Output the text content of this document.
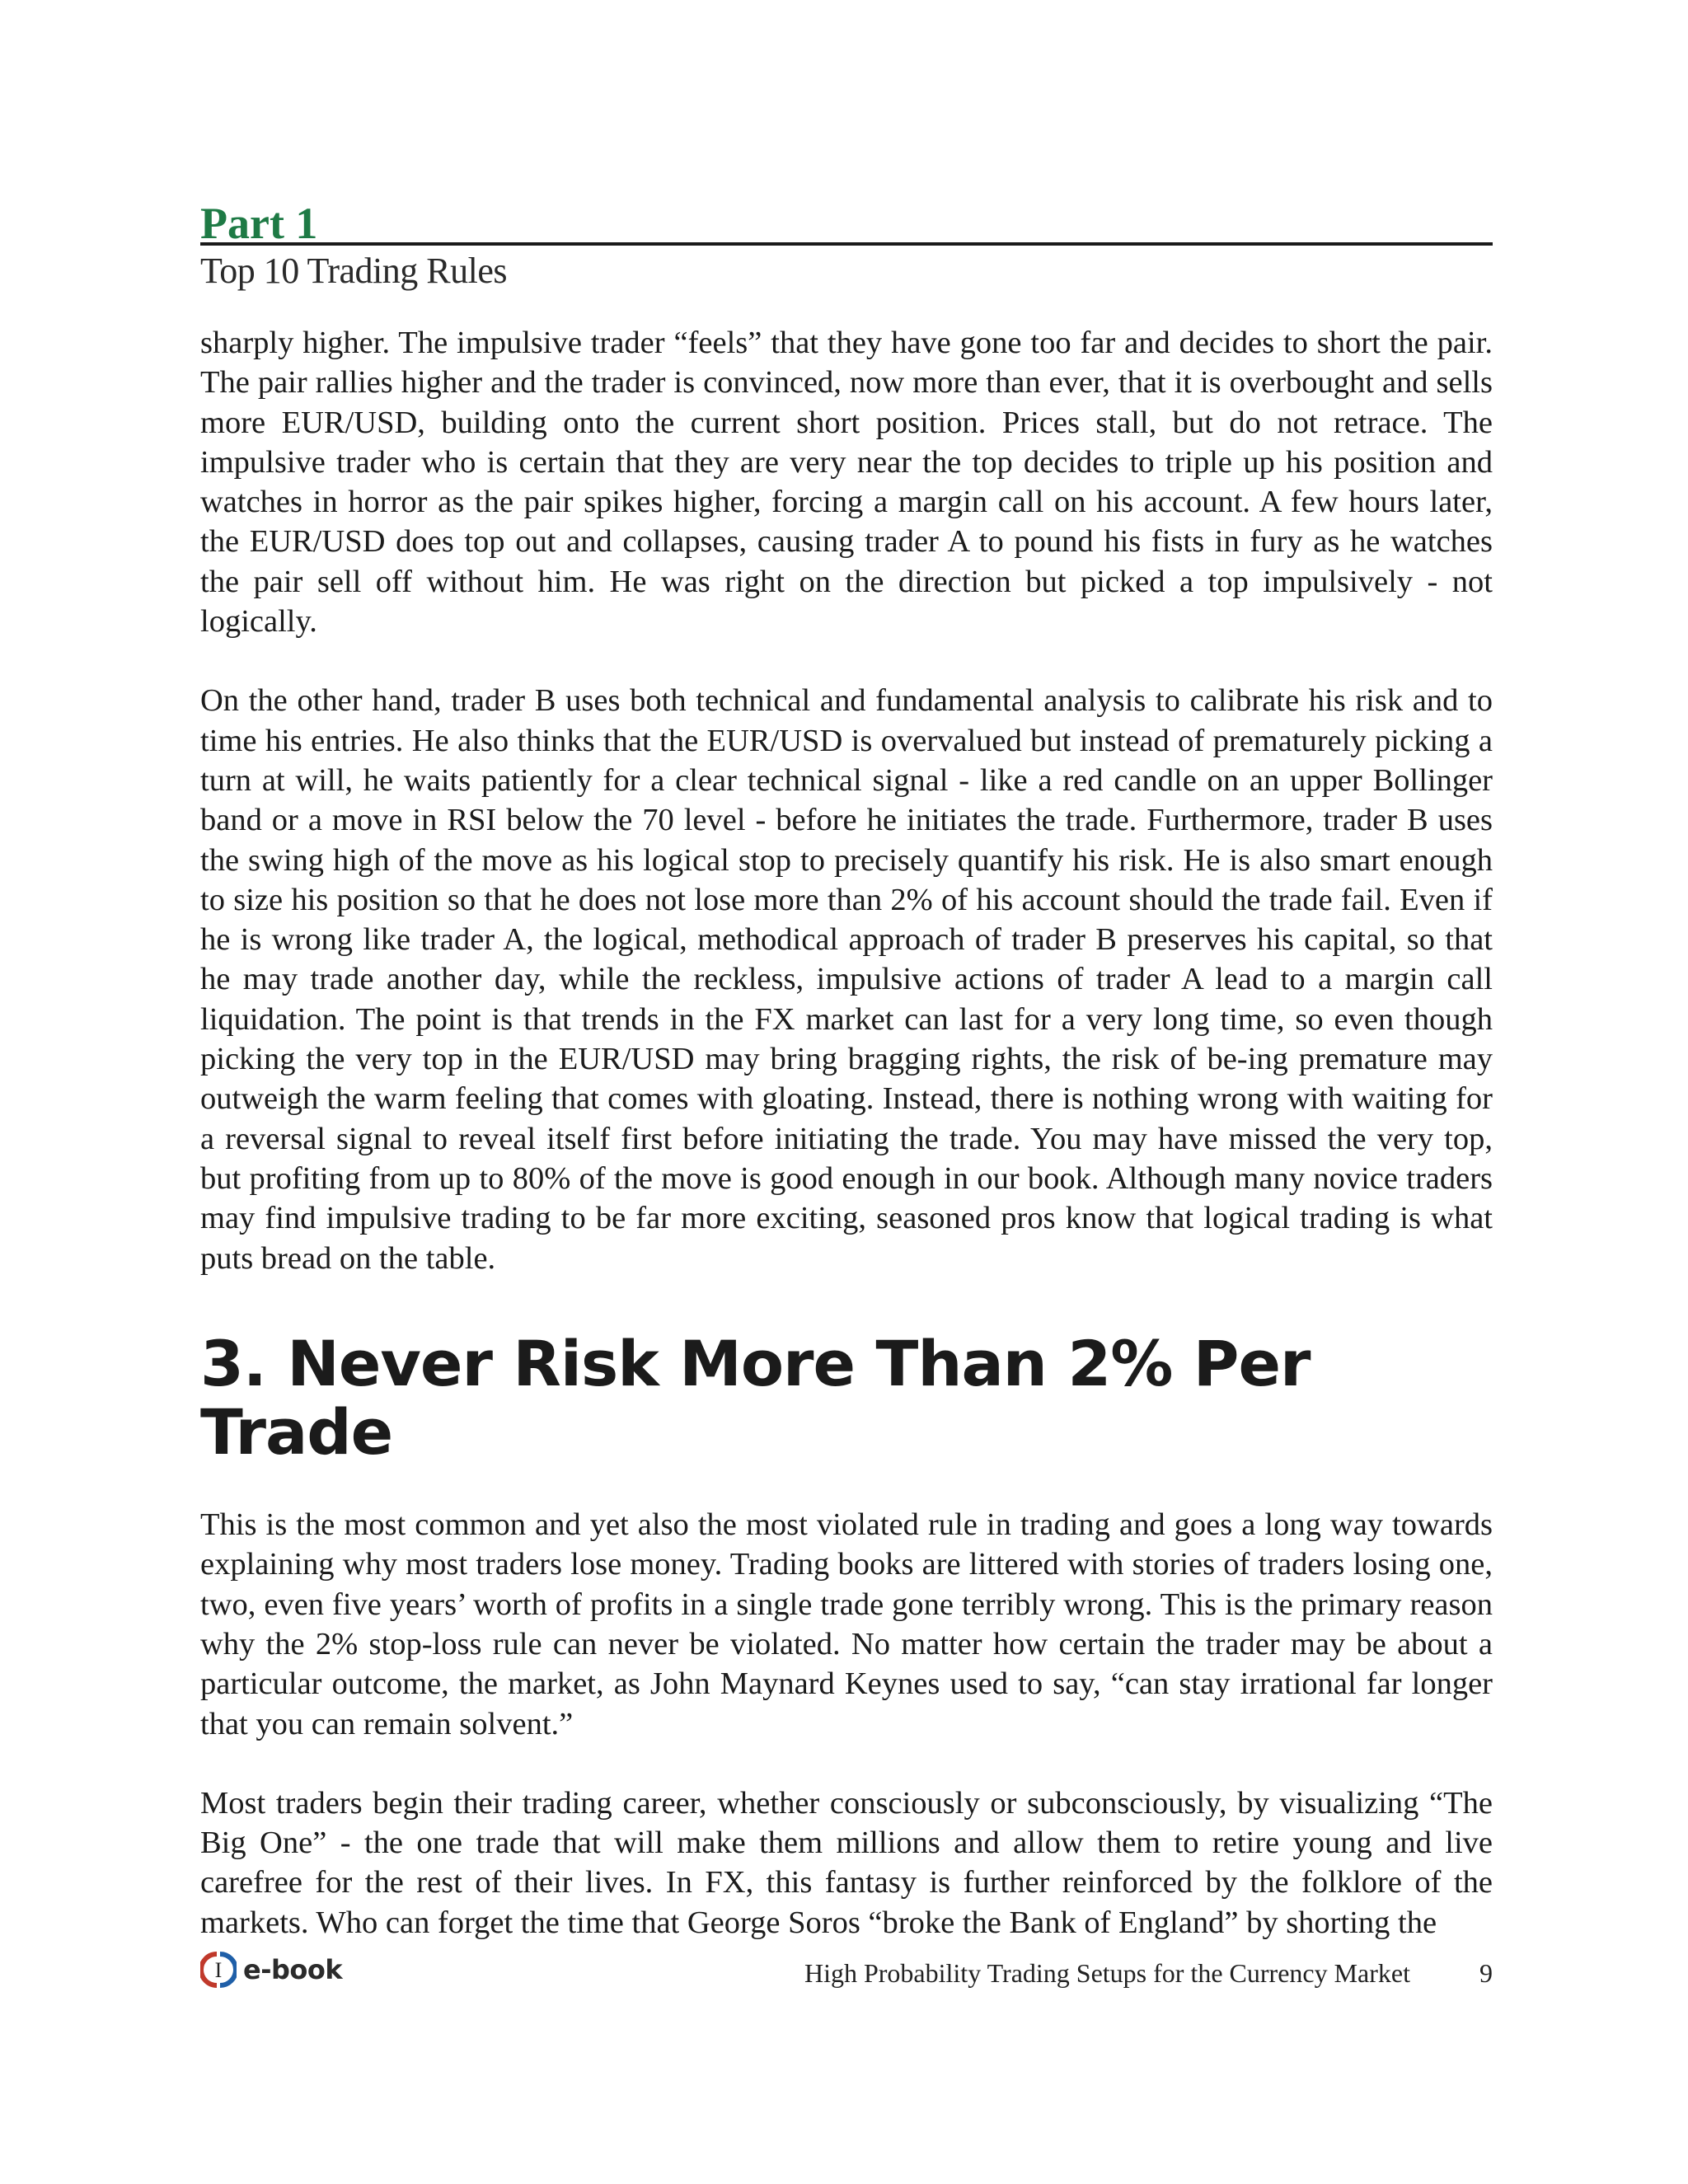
Part 1
Top 10 Trading Rules

sharply higher. The impulsive trader “feels” that they have gone too far and decides to short the pair. The pair rallies higher and the trader is convinced, now more than ever, that it is overbought and sells more EUR/USD, building onto the current short position. Prices stall, but do not retrace. The impulsive trader who is certain that they are very near the top decides to triple up his position and watches in horror as the pair spikes higher, forcing a margin call on his account. A few hours later, the EUR/USD does top out and collapses, causing trader A to pound his fists in fury as he watches the pair sell off without him. He was right on the direction but picked a top impulsively - not logically.

On the other hand, trader B uses both technical and fundamental analysis to calibrate his risk and to time his entries. He also thinks that the EUR/USD is overvalued but instead of prematurely picking a turn at will, he waits patiently for a clear technical signal - like a red candle on an upper Bollinger band or a move in RSI below the 70 level - before he initiates the trade. Furthermore, trader B uses the swing high of the move as his logical stop to precisely quantify his risk. He is also smart enough to size his position so that he does not lose more than 2% of his account should the trade fail. Even if he is wrong like trader A, the logical, methodical approach of trader B preserves his capital, so that he may trade another day, while the reckless, impulsive actions of trader A lead to a margin call liquidation. The point is that trends in the FX market can last for a very long time, so even though picking the very top in the EUR/USD may bring bragging rights, the risk of be-ing premature may outweigh the warm feeling that comes with gloating. Instead, there is nothing wrong with waiting for a reversal signal to reveal itself first before initiating the trade. You may have missed the very top, but profiting from up to 80% of the move is good enough in our book. Although many novice traders may find impulsive trading to be far more exciting, seasoned pros know that logical trading is what puts bread on the table.

3. Never Risk More Than 2% Per Trade

This is the most common and yet also the most violated rule in trading and goes a long way towards explaining why most traders lose money. Trading books are littered with stories of traders losing one, two, even five years’ worth of profits in a single trade gone terribly wrong. This is the primary reason why the 2% stop-loss rule can never be violated. No matter how certain the trader may be about a particular outcome, the market, as John Maynard Keynes used to say, “can stay irrational far longer that you can remain solvent.”

Most traders begin their trading career, whether consciously or subconsciously, by visualizing “The Big One” - the one trade that will make them millions and allow them to retire young and live carefree for the rest of their lives. In FX, this fantasy is further reinforced by the folklore of the markets. Who can forget the time that George Soros “broke the Bank of England” by shorting the

I e-book	High Probability Trading Setups for the Currency Market	9
